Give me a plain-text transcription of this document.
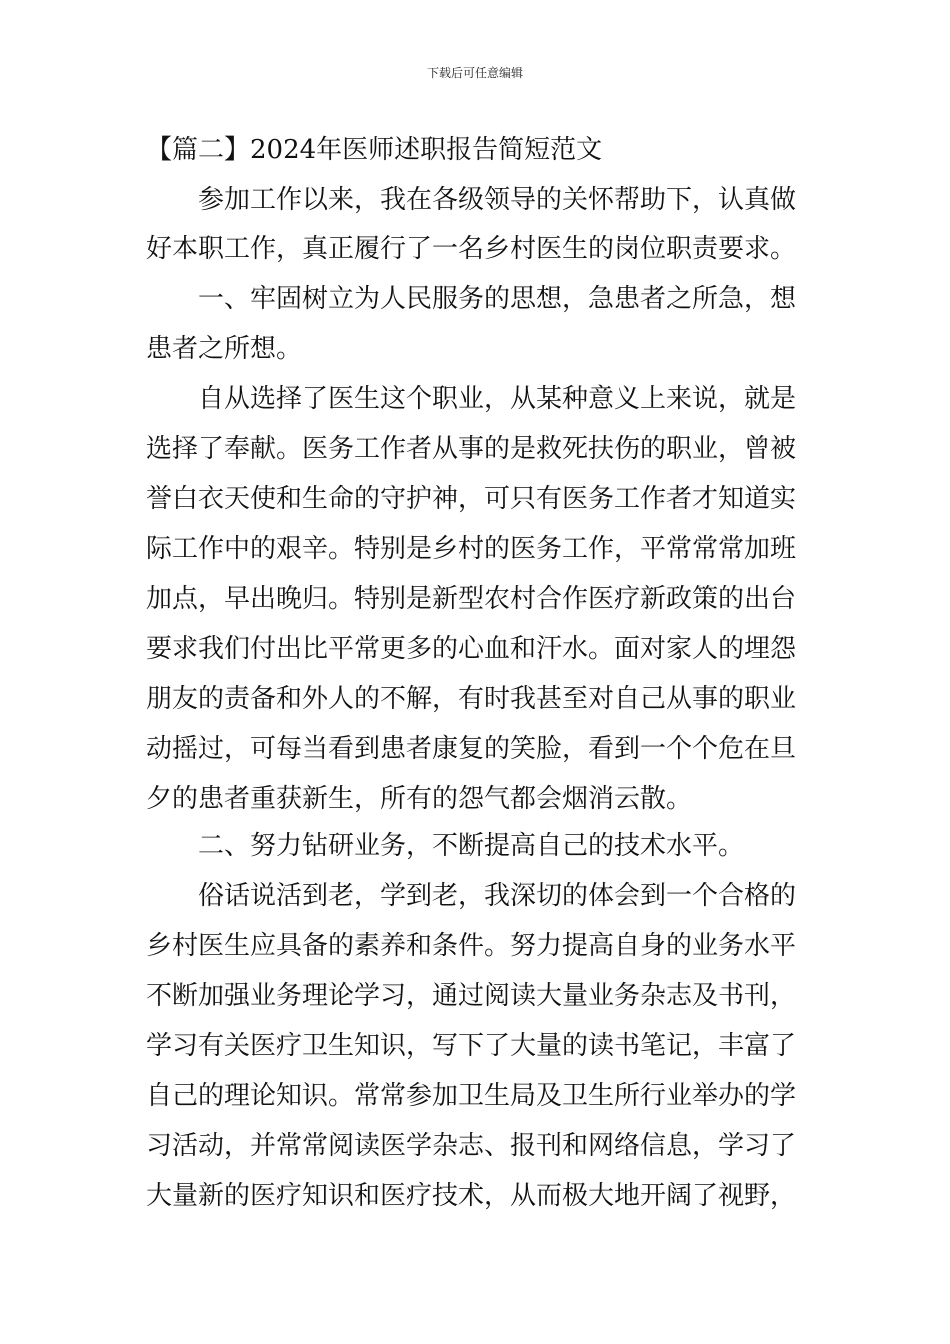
下载后可任意编辑
【篇二】2024年医师述职报告简短范文
参加工作以来，我在各级领导的关怀帮助下，认真做
好本职工作，真正履行了一名乡村医生的岗位职责要求。
一、牢固树立为人民服务的思想，急患者之所急，想
患者之所想。
自从选择了医生这个职业，从某种意义上来说，就是
选择了奉献。医务工作者从事的是救死扶伤的职业，曾被
誉白衣天使和生命的守护神，可只有医务工作者才知道实
际工作中的艰辛。特别是乡村的医务工作，平常常常加班
加点，早出晚归。特别是新型农村合作医疗新政策的出台
要求我们付出比平常更多的心血和汗水。面对家人的埋怨
朋友的责备和外人的不解，有时我甚至对自己从事的职业
动摇过，可每当看到患者康复的笑脸，看到一个个危在旦
夕的患者重获新生，所有的怨气都会烟消云散。
二、努力钻研业务，不断提高自己的技术水平。
俗话说活到老，学到老，我深切的体会到一个合格的
乡村医生应具备的素养和条件。努力提高自身的业务水平
不断加强业务理论学习，通过阅读大量业务杂志及书刊，
学习有关医疗卫生知识，写下了大量的读书笔记，丰富了
自己的理论知识。常常参加卫生局及卫生所行业举办的学
习活动，并常常阅读医学杂志、报刊和网络信息，学习了
大量新的医疗知识和医疗技术，从而极大地开阔了视野，
